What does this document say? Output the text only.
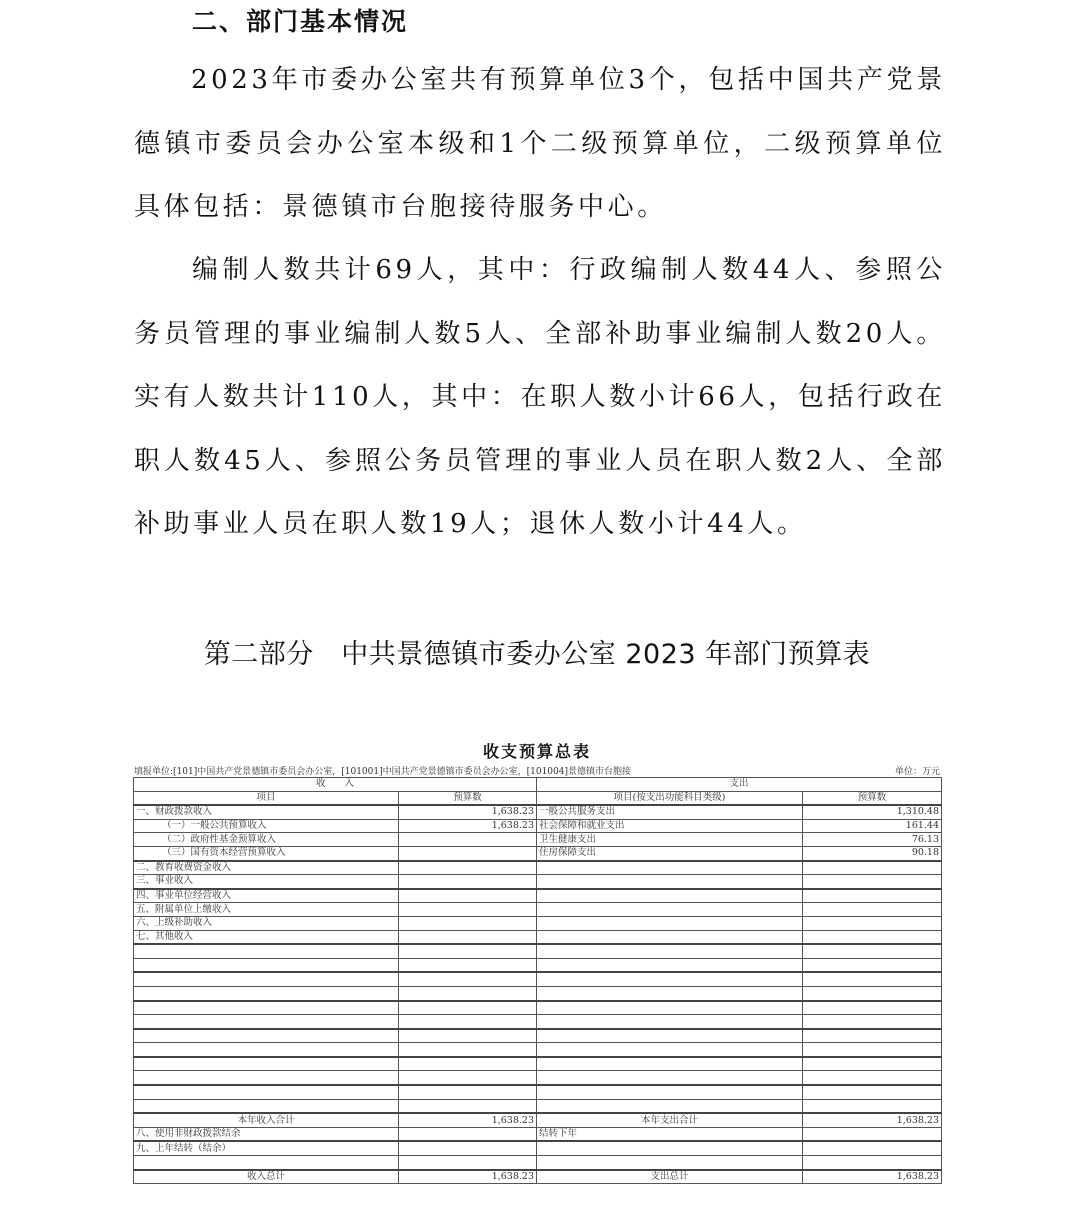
二、部门基本情况
2023年市委办公室共有预算单位3个，包括中国共产党景德镇市委员会办公室本级和1个二级预算单位，二级预算单位具体包括：景德镇市台胞接待服务中心。
编制人数共计69人，其中：行政编制人数44人、参照公务员管理的事业编制人数5人、全部补助事业编制人数20人。实有人数共计110人，其中：在职人数小计66人，包括行政在职人数45人、参照公务员管理的事业人员在职人数2人、全部补助事业人员在职人数19人；退休人数小计44人。
第二部分　中共景德镇市委办公室 2023 年部门预算表
收支预算总表
填报单位:[101]中国共产党景德镇市委员会办公室，[101001]中国共产党景德镇市委员会办公室，[101004]景德镇市台胞接	单位：万元
收　　入		支出	
项目	预算数	项目(按支出功能科目类级)	预算数
一、财政拨款收入	1,638.23	一般公共服务支出	1,310.48
（一）一般公共预算收入	1,638.23	社会保障和就业支出	161.44
（二）政府性基金预算收入		卫生健康支出	76.13
（三）国有资本经营预算收入		住房保障支出	90.18
二、教育收费资金收入			
三、事业收入			
四、事业单位经营收入			
五、附属单位上缴收入			
六、上级补助收入			
七、其他收入			

本年收入合计	1,638.23	本年支出合计	1,638.23
八、使用非财政拨款结余		结转下年	
九、上年结转（结余）			

收入总计	1,638.23	支出总计	1,638.23
